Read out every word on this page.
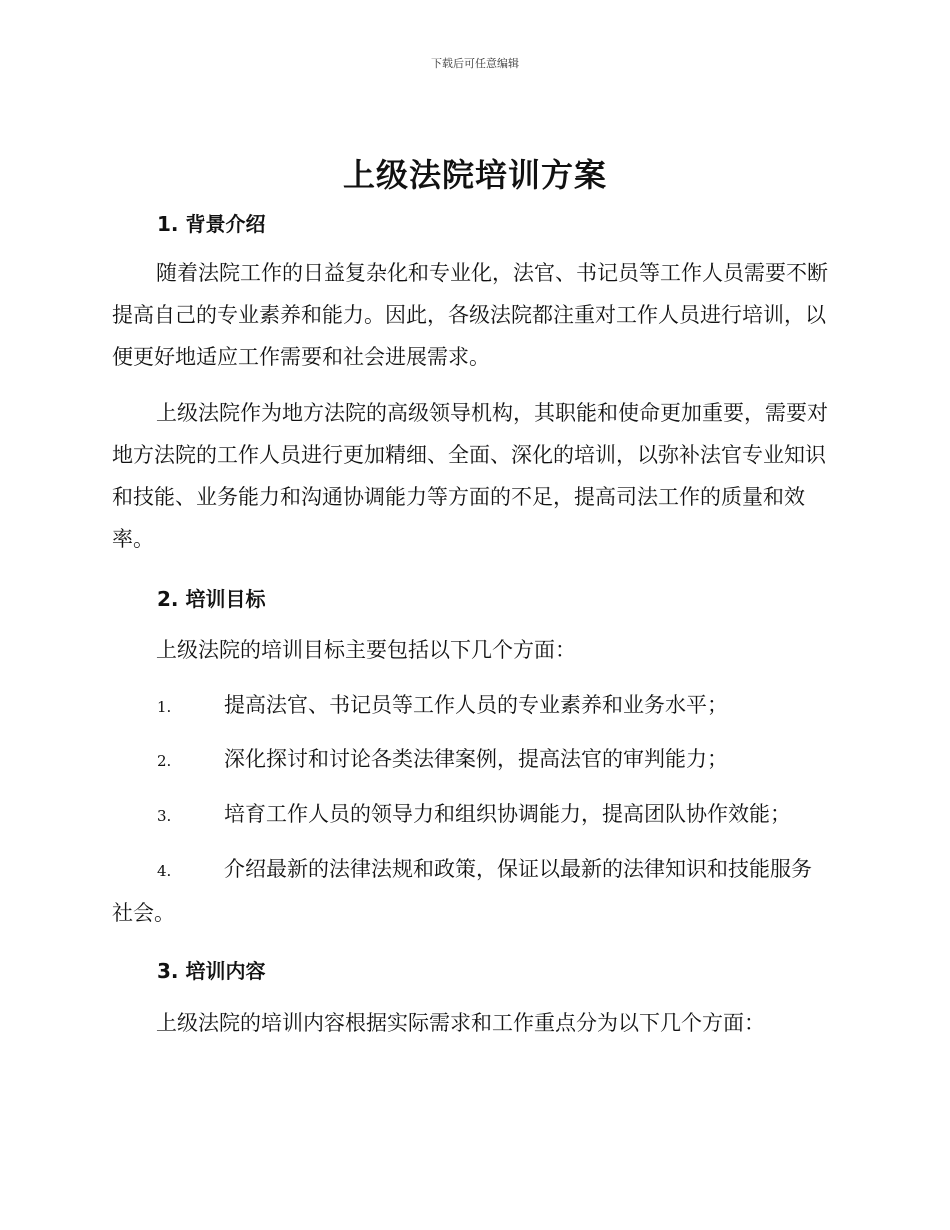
下载后可任意编辑
上级法院培训方案
1. 背景介绍
随着法院工作的日益复杂化和专业化，法官、书记员等工作人员需要不断提高自己的专业素养和能力。因此，各级法院都注重对工作人员进行培训，以便更好地适应工作需要和社会进展需求。
上级法院作为地方法院的高级领导机构，其职能和使命更加重要，需要对地方法院的工作人员进行更加精细、全面、深化的培训，以弥补法官专业知识和技能、业务能力和沟通协调能力等方面的不足，提高司法工作的质量和效率。
2. 培训目标
上级法院的培训目标主要包括以下几个方面：
1.	提高法官、书记员等工作人员的专业素养和业务水平；
2.	深化探讨和讨论各类法律案例，提高法官的审判能力；
3.	培育工作人员的领导力和组织协调能力，提高团队协作效能；
4.	介绍最新的法律法规和政策，保证以最新的法律知识和技能服务社会。
3. 培训内容
上级法院的培训内容根据实际需求和工作重点分为以下几个方面：
